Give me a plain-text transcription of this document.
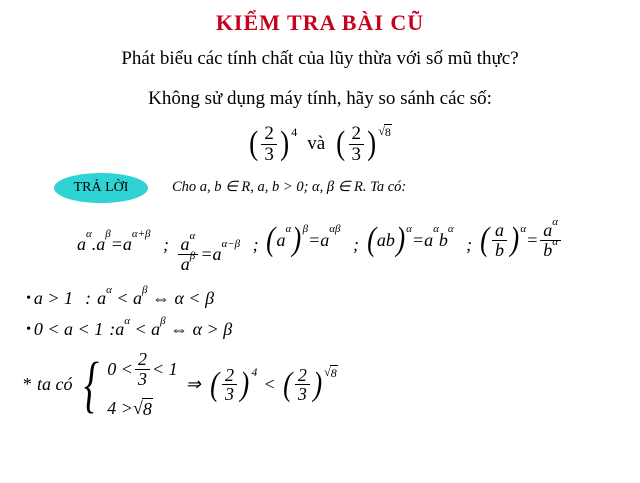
KIỂM TRA BÀI CŨ
Phát biểu các tính chất của lũy thừa với số mũ thực?
Không sử dụng máy tính, hãy so sánh các số:
( $\frac{2}{3}$ ) 4
và ( $\frac{2}{3}$ ) √ 8
TRẢ LỜI	Cho a, b ∈ R, a, b > 0; α, β ∈ R. Ta có:
a
α
. a
β
= a
α+β
; $\frac{a^\alpha}{a^\beta} = a$
α−β ; ( a
α ) β
= a
αβ
; ( ab ) α
= a
α
b
α
; ( $\frac{a}{b}$ ) α
= $\frac{a^\alpha}{b^\alpha}$
• a > 1 : $a^\alpha < a^\beta$ ⇔ α < β
• 0 < a < 1 : $a^\alpha < a^\beta$ ⇔ α > β
* ta có { $0 < \frac{2}{3} < 1$
4 > √ 8
⇒ ( $\frac{2}{3}$ ) 4
< ( $\frac{2}{3}$ ) √ 8
